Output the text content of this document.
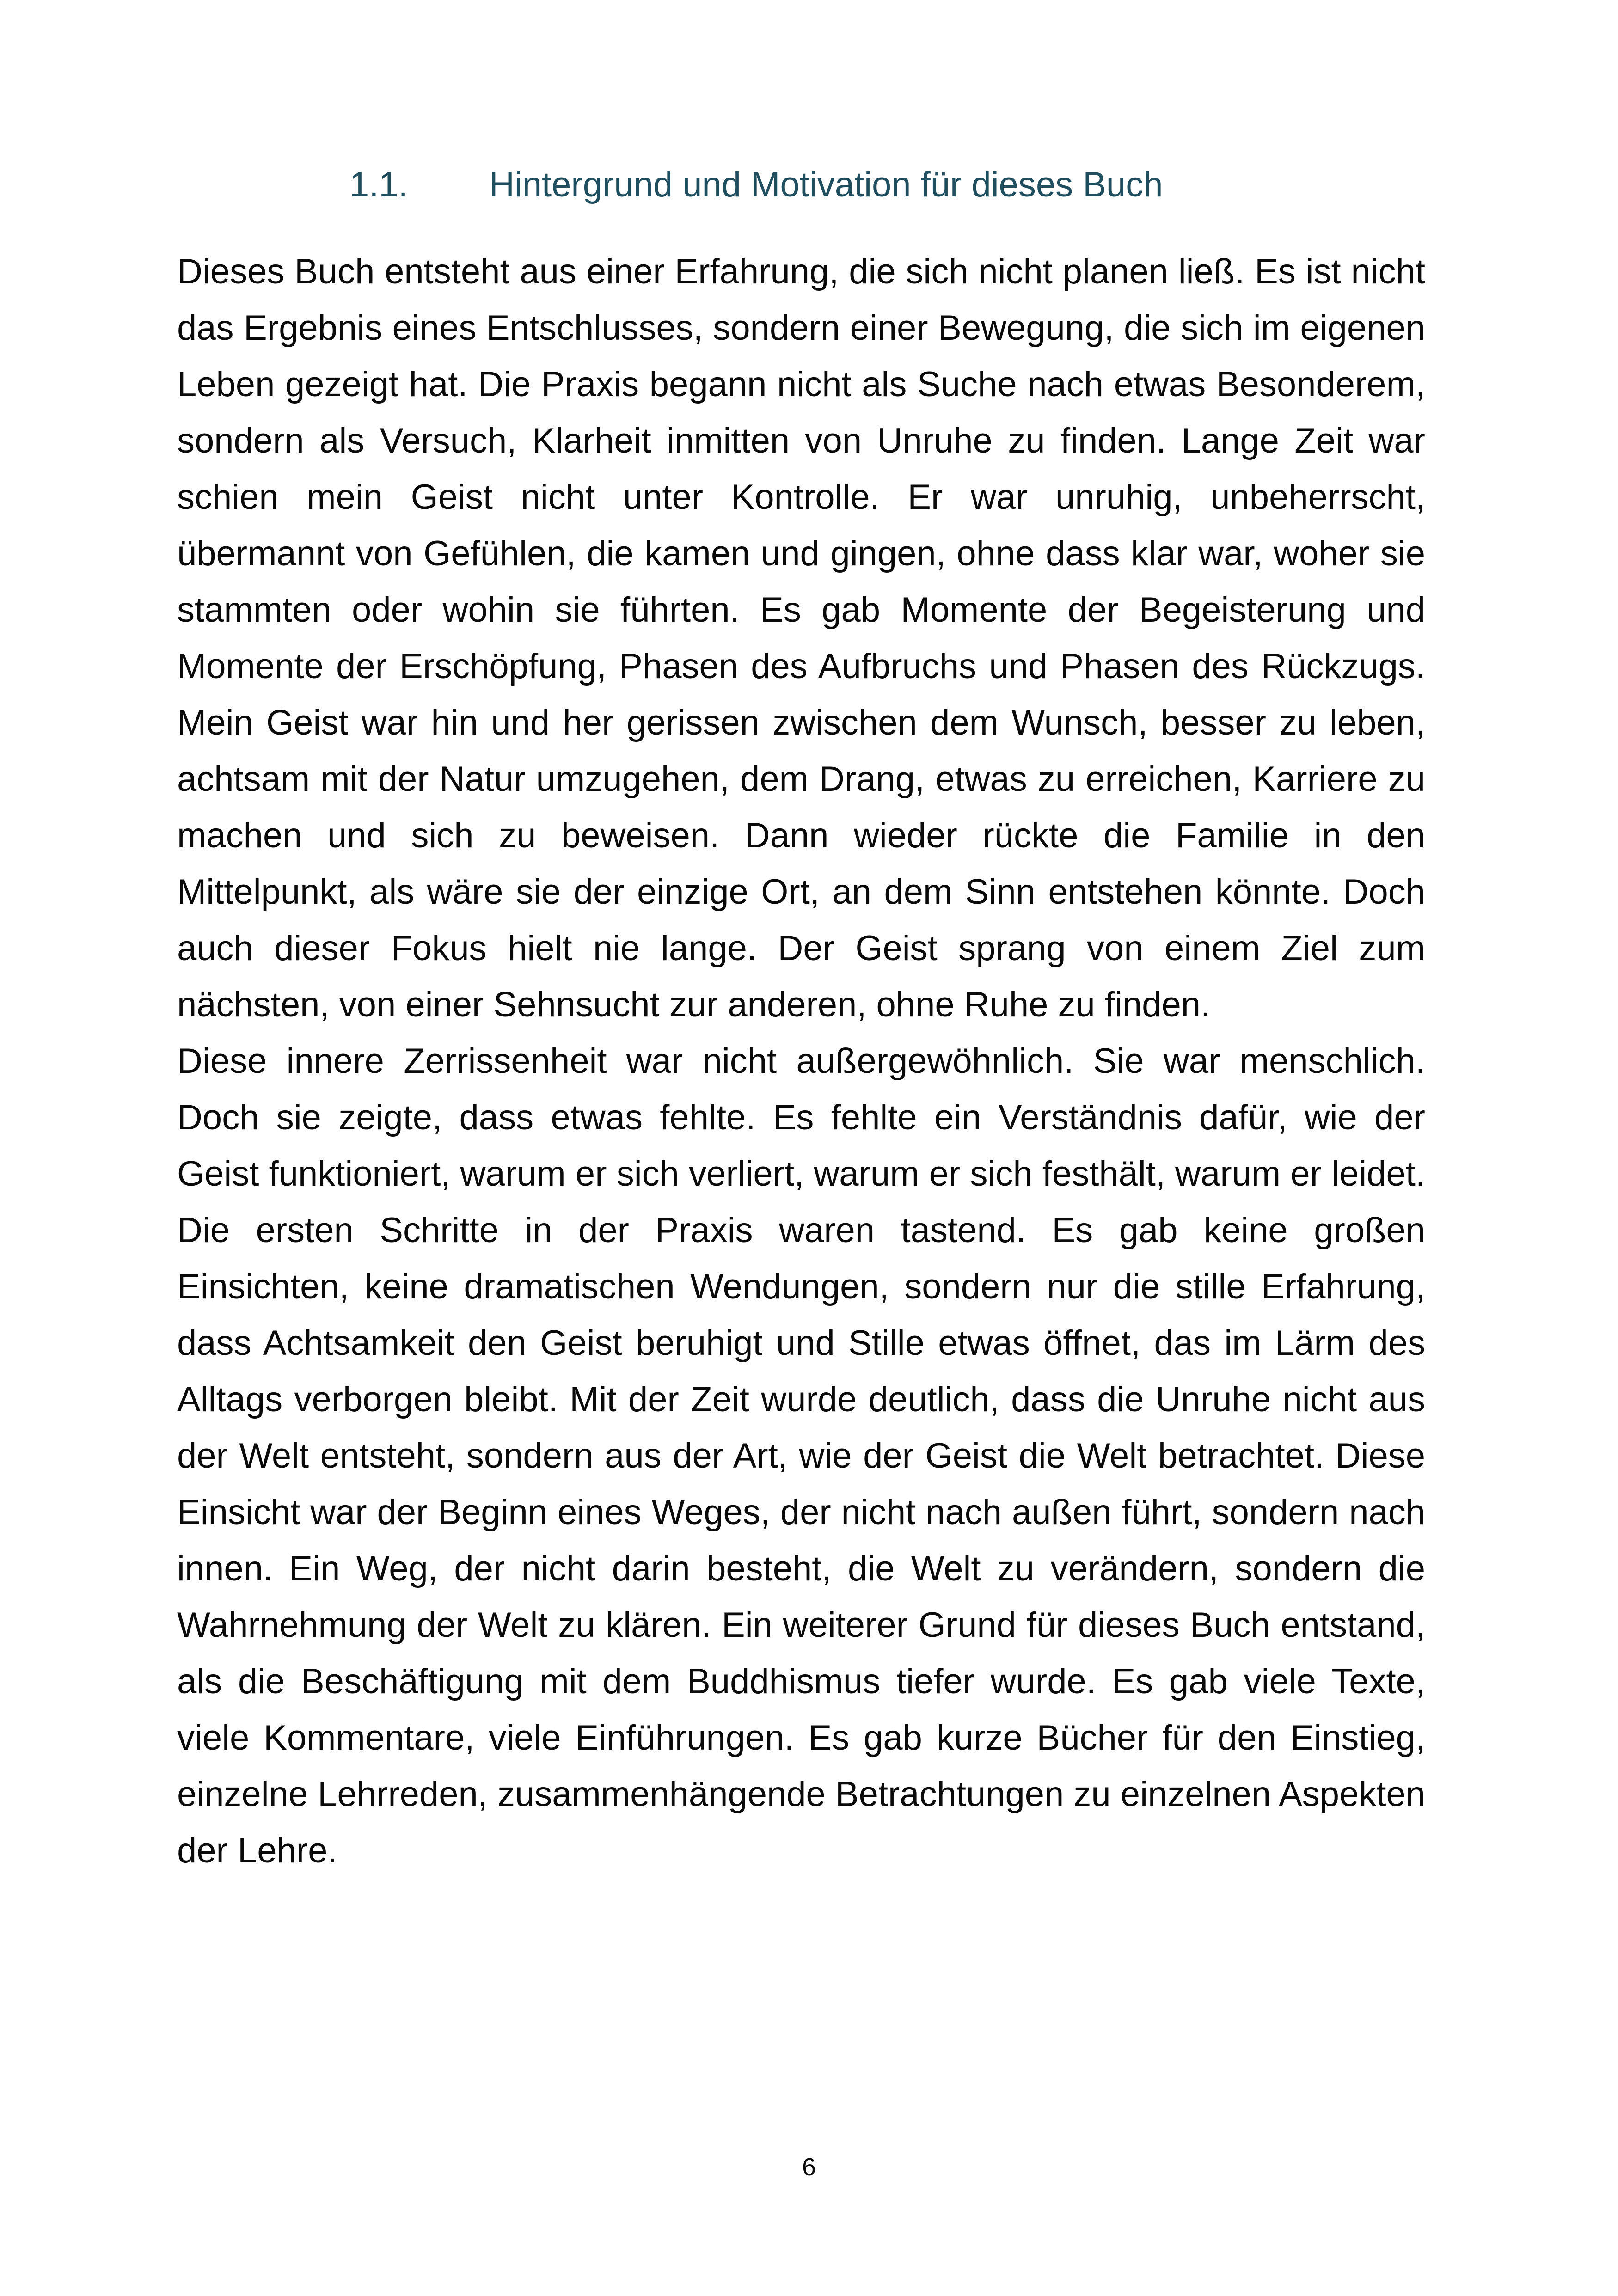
1.1. Hintergrund und Motivation für dieses Buch

Dieses Buch entsteht aus einer Erfahrung, die sich nicht planen ließ. Es ist nicht das Ergebnis eines Entschlusses, sondern einer Bewegung, die sich im eigenen Leben gezeigt hat. Die Praxis begann nicht als Suche nach etwas Besonderem, sondern als Versuch, Klarheit inmitten von Unruhe zu finden. Lange Zeit war schien mein Geist nicht unter Kontrolle. Er war unruhig, unbeherrscht, übermannt von Gefühlen, die kamen und gingen, ohne dass klar war, woher sie stammten oder wohin sie führten. Es gab Momente der Begeisterung und Momente der Erschöpfung, Phasen des Aufbruchs und Phasen des Rückzugs. Mein Geist war hin und her gerissen zwischen dem Wunsch, besser zu leben, achtsam mit der Natur umzugehen, dem Drang, etwas zu erreichen, Karriere zu machen und sich zu beweisen. Dann wieder rückte die Familie in den Mittelpunkt, als wäre sie der einzige Ort, an dem Sinn entstehen könnte. Doch auch dieser Fokus hielt nie lange. Der Geist sprang von einem Ziel zum nächsten, von einer Sehnsucht zur anderen, ohne Ruhe zu finden.

Diese innere Zerrissenheit war nicht außergewöhnlich. Sie war menschlich. Doch sie zeigte, dass etwas fehlte. Es fehlte ein Verständnis dafür, wie der Geist funktioniert, warum er sich verliert, warum er sich festhält, warum er leidet. Die ersten Schritte in der Praxis waren tastend. Es gab keine großen Einsichten, keine dramatischen Wendungen, sondern nur die stille Erfahrung, dass Achtsamkeit den Geist beruhigt und Stille etwas öffnet, das im Lärm des Alltags verborgen bleibt. Mit der Zeit wurde deutlich, dass die Unruhe nicht aus der Welt entsteht, sondern aus der Art, wie der Geist die Welt betrachtet. Diese Einsicht war der Beginn eines Weges, der nicht nach außen führt, sondern nach innen. Ein Weg, der nicht darin besteht, die Welt zu verändern, sondern die Wahrnehmung der Welt zu klären. Ein weiterer Grund für dieses Buch entstand, als die Beschäftigung mit dem Buddhismus tiefer wurde. Es gab viele Texte, viele Kommentare, viele Einführungen. Es gab kurze Bücher für den Einstieg, einzelne Lehrreden, zusammenhängende Betrachtungen zu einzelnen Aspekten der Lehre.

6
